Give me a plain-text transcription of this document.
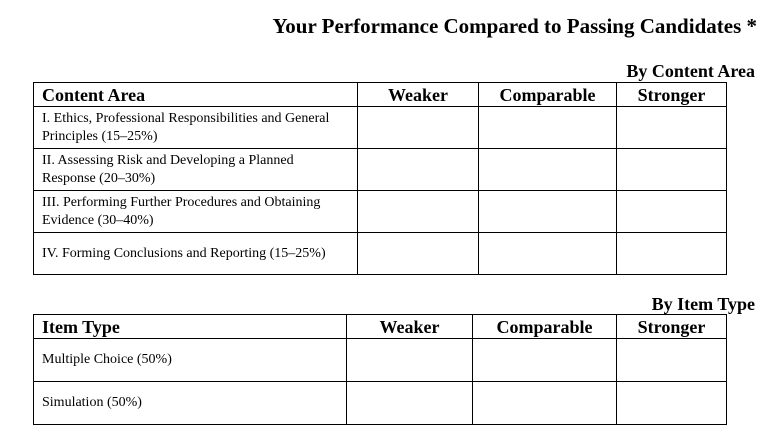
Your Performance Compared to Passing Candidates *
By Content Area
Content Area	Weaker	Comparable	Stronger
I. Ethics, Professional Responsibilities and General Principles (15–25%)			
II. Assessing Risk and Developing a Planned Response (20–30%)			
III. Performing Further Procedures and Obtaining Evidence (30–40%)			
IV. Forming Conclusions and Reporting (15–25%)			
By Item Type
Item Type	Weaker	Comparable	Stronger
Multiple Choice (50%)			
Simulation (50%)			
